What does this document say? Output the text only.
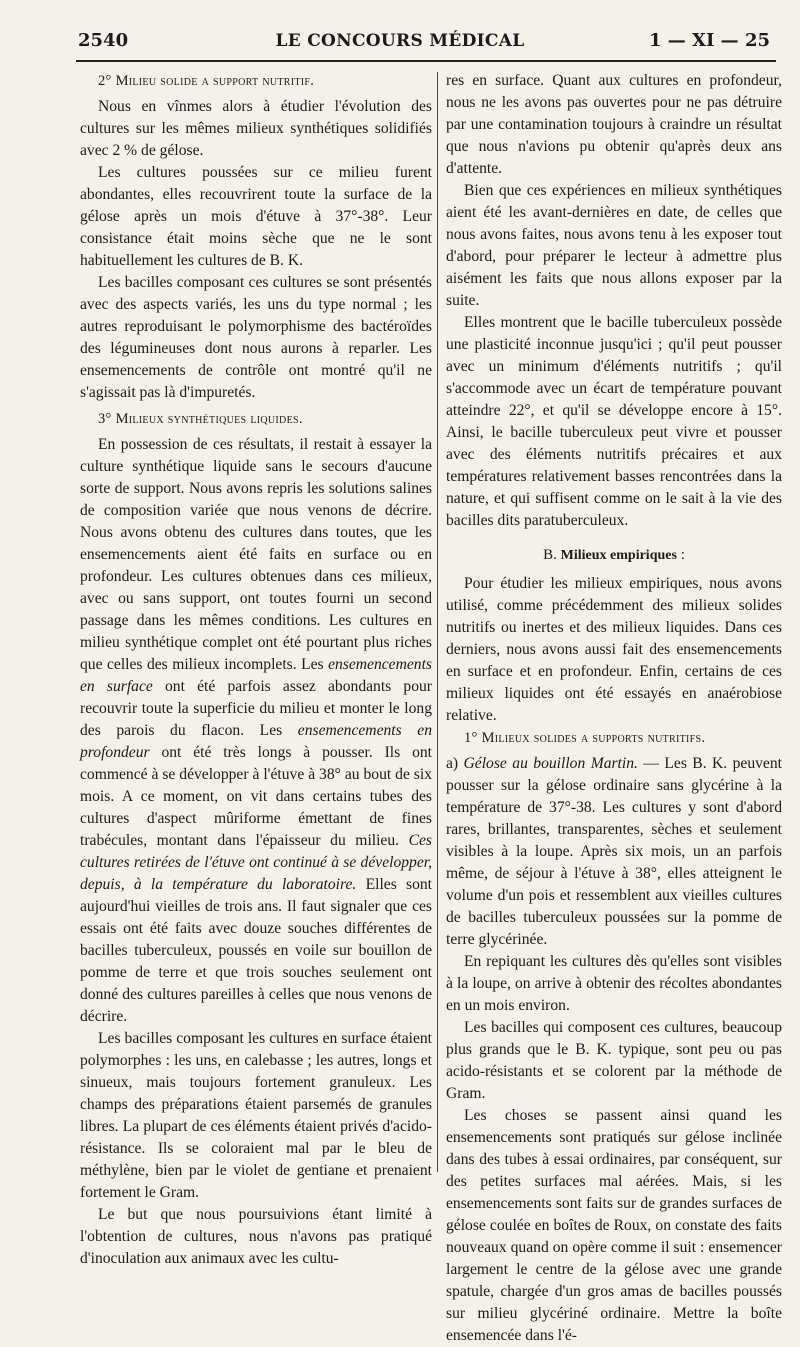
2540	LE CONCOURS MÉDICAL	1 — XI — 25
2° Milieu solide a support nutritif.

Nous en vînmes alors à étudier l'évolution des cultures sur les mêmes milieux synthétiques solidifiés avec 2 % de gélose.

Les cultures poussées sur ce milieu furent abondantes, elles recouvrirent toute la surface de la gélose après un mois d'étuve à 37°-38°. Leur consistance était moins sèche que ne le sont habituellement les cultures de B. K.

Les bacilles composant ces cultures se sont présentés avec des aspects variés, les uns du type normal ; les autres reproduisant le polymorphisme des bactéroïdes des légumineuses dont nous aurons à reparler. Les ensemencements de contrôle ont montré qu'il ne s'agissait pas là d'impuretés.

3° Milieux synthétiques liquides.

En possession de ces résultats, il restait à essayer la culture synthétique liquide sans le secours d'aucune sorte de support. Nous avons repris les solutions salines de composition variée que nous venons de décrire. Nous avons obtenu des cultures dans toutes, que les ensemencements aient été faits en surface ou en profondeur. Les cultures obtenues dans ces milieux, avec ou sans support, ont toutes fourni un second passage dans les mêmes conditions. Les cultures en milieu synthétique complet ont été pourtant plus riches que celles des milieux incomplets. Les ensemencements en surface ont été parfois assez abondants pour recouvrir toute la superficie du milieu et monter le long des parois du flacon. Les ensemencements en profondeur ont été très longs à pousser. Ils ont commencé à se développer à l'étuve à 38° au bout de six mois. A ce moment, on vit dans certains tubes des cultures d'aspect mûriforme émettant de fines trabécules, montant dans l'épaisseur du milieu. Ces cultures retirées de l'étuve ont continué à se développer, depuis, à la température du laboratoire. Elles sont aujourd'hui vieilles de trois ans. Il faut signaler que ces essais ont été faits avec douze souches différentes de bacilles tuberculeux, poussés en voile sur bouillon de pomme de terre et que trois souches seulement ont donné des cultures pareilles à celles que nous venons de décrire.

Les bacilles composant les cultures en surface étaient polymorphes : les uns, en calebasse ; les autres, longs et sinueux, mais toujours fortement granuleux. Les champs des préparations étaient parsemés de granules libres. La plupart de ces éléments étaient privés d'acido-résistance. Ils se coloraient mal par le bleu de méthylène, bien par le violet de gentiane et prenaient fortement le Gram.

Le but que nous poursuivions étant limité à l'obtention de cultures, nous n'avons pas pratiqué d'inoculation aux animaux avec les cultu-

res en surface. Quant aux cultures en profondeur, nous ne les avons pas ouvertes pour ne pas détruire par une contamination toujours à craindre un résultat que nous n'avions pu obtenir qu'après deux ans d'attente.

Bien que ces expériences en milieux synthétiques aient été les avant-dernières en date, de celles que nous avons faites, nous avons tenu à les exposer tout d'abord, pour préparer le lecteur à admettre plus aisément les faits que nous allons exposer par la suite.

Elles montrent que le bacille tuberculeux possède une plasticité inconnue jusqu'ici ; qu'il peut pousser avec un minimum d'éléments nutritifs ; qu'il s'accommode avec un écart de température pouvant atteindre 22°, et qu'il se développe encore à 15°. Ainsi, le bacille tuberculeux peut vivre et pousser avec des éléments nutritifs précaires et aux températures relativement basses rencontrées dans la nature, et qui suffisent comme on le sait à la vie des bacilles dits paratuberculeux.

B. Milieux empiriques :

Pour étudier les milieux empiriques, nous avons utilisé, comme précédemment des milieux solides nutritifs ou inertes et des milieux liquides. Dans ces derniers, nous avons aussi fait des ensemencements en surface et en profondeur. Enfin, certains de ces milieux liquides ont été essayés en anaérobiose relative.

1° Milieux solides a supports nutritifs.

a) Gélose au bouillon Martin. — Les B. K. peuvent pousser sur la gélose ordinaire sans glycérine à la température de 37°-38. Les cultures y sont d'abord rares, brillantes, transparentes, sèches et seulement visibles à la loupe. Après six mois, un an parfois même, de séjour à l'étuve à 38°, elles atteignent le volume d'un pois et ressemblent aux vieilles cultures de bacilles tuberculeux poussées sur la pomme de terre glycérinée.

En repiquant les cultures dès qu'elles sont visibles à la loupe, on arrive à obtenir des récoltes abondantes en un mois environ.

Les bacilles qui composent ces cultures, beaucoup plus grands que le B. K. typique, sont peu ou pas acido-résistants et se colorent par la méthode de Gram.

Les choses se passent ainsi quand les ensemencements sont pratiqués sur gélose inclinée dans des tubes à essai ordinaires, par conséquent, sur des petites surfaces mal aérées. Mais, si les ensemencements sont faits sur de grandes surfaces de gélose coulée en boîtes de Roux, on constate des faits nouveaux quand on opère comme il suit : ensemencer largement le centre de la gélose avec une grande spatule, chargée d'un gros amas de bacilles poussés sur milieu glycériné ordinaire. Mettre la boîte ensemencée dans l'é-
